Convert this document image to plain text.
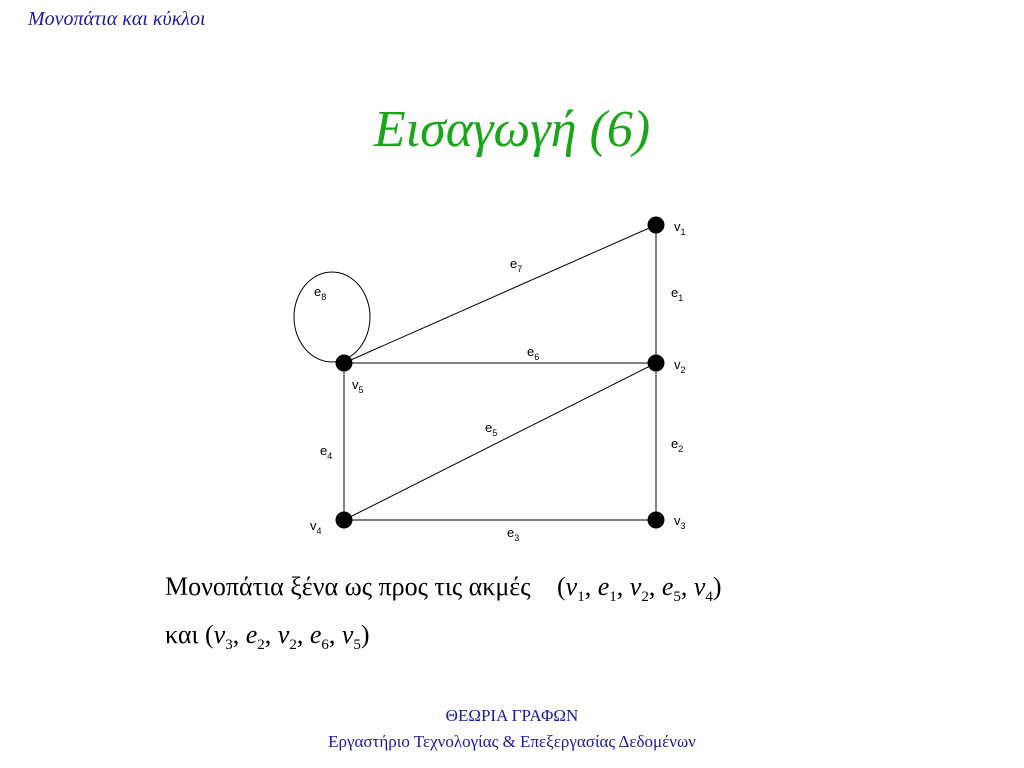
Μονοπάτια και κύκλοι
Εισαγωγή (6)
$e_1$
$e_2$
$e_3$
$e_4$
$e_5$
$e_6$
$e_7$
$e_8$
$v_1$
$v_2$
$v_3$
$v_4$
$v_5$
Μονοπάτια ξένα ως προς τις ακμές ($v_1$, $e_1$, $v_2$, $e_5$, $v_4$)
και ($v_3$, $e_2$, $v_2$, $e_6$, $v_5$)
ΘΕΩΡΙΑ ΓΡΑΦΩΝ
Εργαστήριο Τεχνολογίας & Επεξεργασίας Δεδομένων
